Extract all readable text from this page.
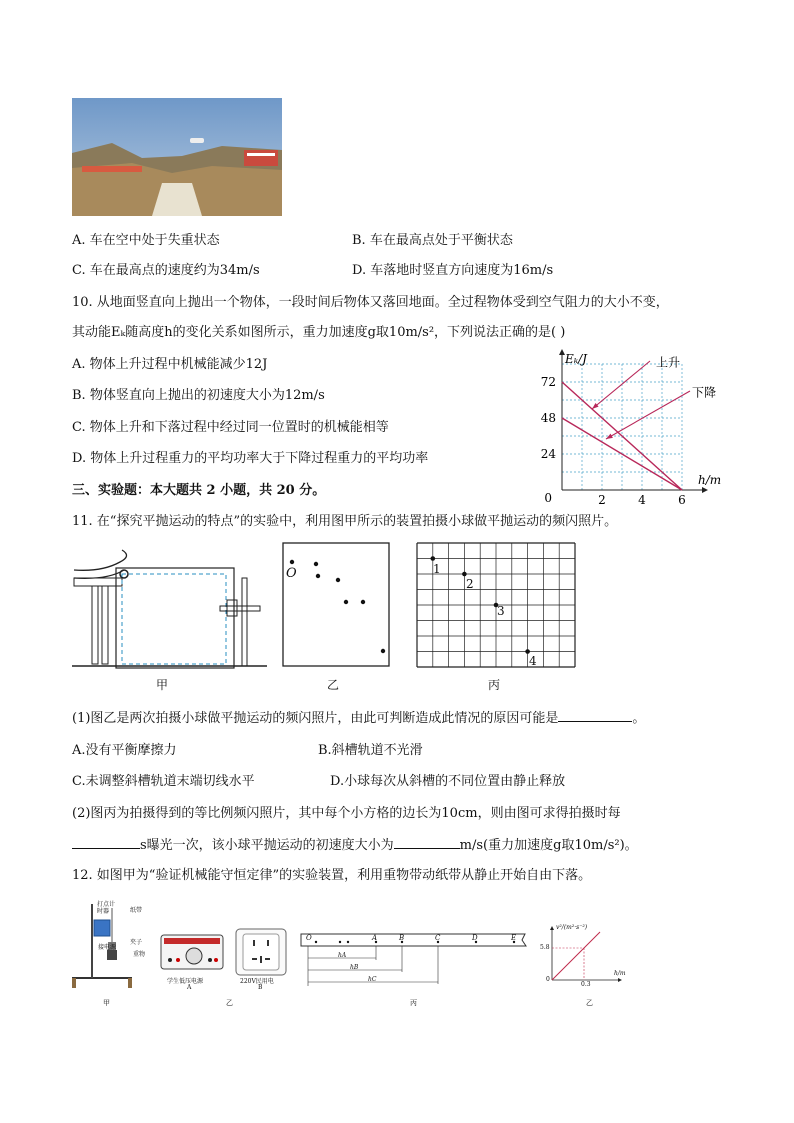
A. 车在空中处于失重状态	B. 车在最高点处于平衡状态
C. 车在最高点的速度约为34m/s	D. 车落地时竖直方向速度为16m/s
10. 从地面竖直向上抛出一个物体，一段时间后物体又落回地面。全过程物体受到空气阻力的大小不变，
其动能Eₖ随高度h的变化关系如图所示，重力加速度g取10m/s²，下列说法正确的是( )
A. 物体上升过程中机械能减少12J
B. 物体竖直向上抛出的初速度大小为12m/s
C. 物体上升和下落过程中经过同一位置时的机械能相等
D. 物体上升过程重力的平均功率大于下降过程重力的平均功率
2	4	6
0
24
48
72
h/m
Eₖ/J	上升
下降
三、实验题：本大题共 2 小题，共 20 分。
11. 在“探究平抛运动的特点”的实验中，利用图甲所示的装置拍摄小球做平抛运动的频闪照片。
甲
O
乙
1
2
3
4
丙
(1)图乙是两次拍摄小球做平抛运动的频闪照片，由此可判断造成此情况的原因可能是	。
A.没有平衡摩擦力	B.斜槽轨道不光滑
C.未调整斜槽轨道末端切线水平	D.小球每次从斜槽的不同位置由静止释放
(2)图丙为拍摄得到的等比例频闪照片，其中每个小方格的边长为10cm，则由图可求得拍摄时每
s曝光一次，该小球平抛运动的初速度大小为	m/s(重力加速度g取10m/s²)。
12. 如图甲为“验证机械能守恒定律”的实验装置，利用重物带动纸带从静止开始自由下落。
打点计时器	纸带
夹子
重物
接电源
甲
学生低压电源
A
乙
220V民用电
B
O	A	B	C	D	E
hA
hB
hC
丙
v²/(m²·s⁻²)
h/m
5.8
0.3
0
乙
